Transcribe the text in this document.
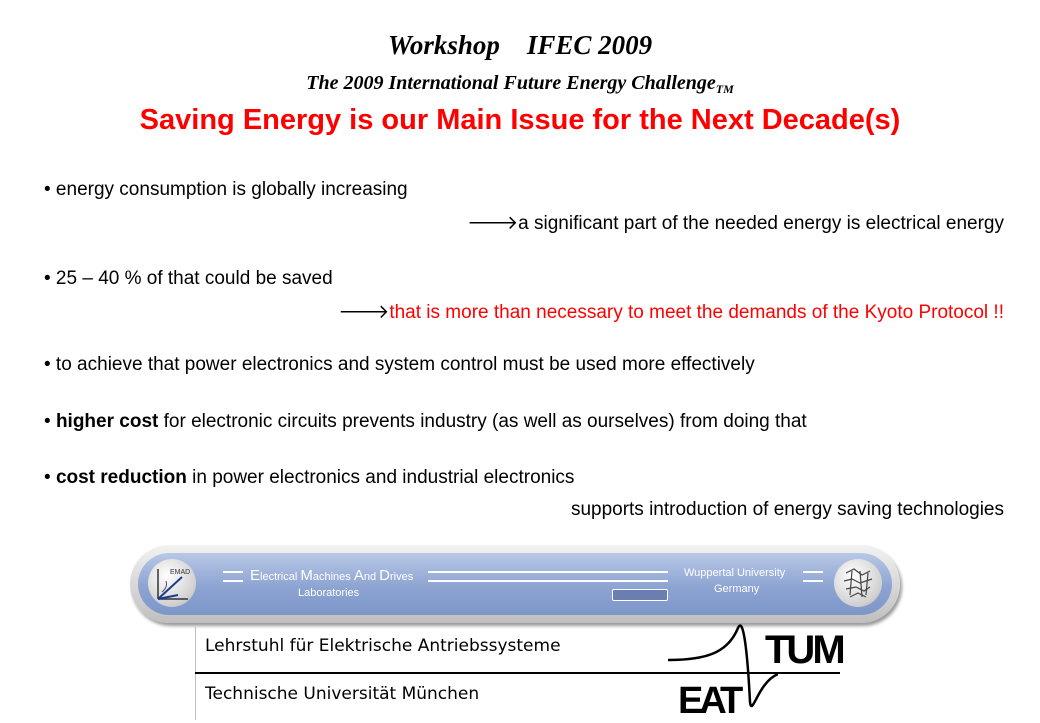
Workshop    IFEC 2009
The 2009 International Future Energy Challenge$_{TM}$
Saving Energy is our Main Issue for the Next Decade(s)
• energy consumption is globally increasing
🡒a significant part of the needed energy is electrical energy
• 25 – 40 % of that could be saved
🡒that is more than necessary to meet the demands of the Kyoto Protocol !!
• to achieve that power electronics and system control must be used more effectively
• higher cost for electronic circuits prevents industry (as well as ourselves) from doing that
• cost reduction in power electronics and industrial electronics
supports introduction of energy saving technologies
EMAD	Electrical Machines And Drives
Laboratories
Wuppertal University
Germany
Lehrstuhl für Elektrische Antriebssysteme
Technische Universität München
TUM
EAT
